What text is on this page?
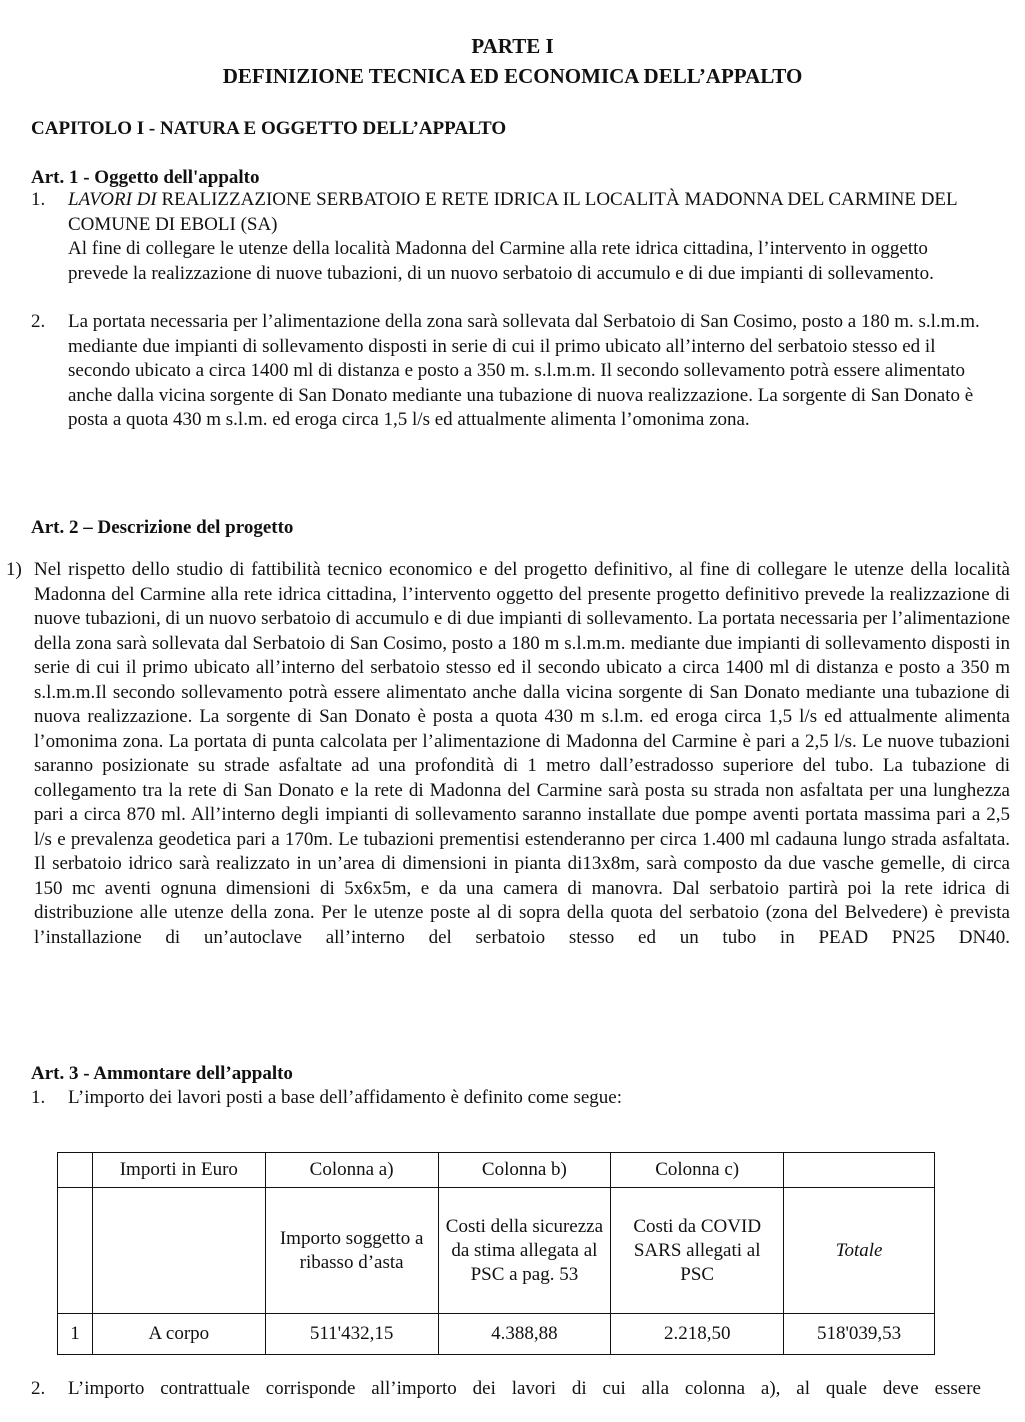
PARTE I
DEFINIZIONE TECNICA ED ECONOMICA DELL’APPALTO
CAPITOLO I - NATURA E OGGETTO DELL’APPALTO
Art. 1 - Oggetto dell'appalto
1.	LAVORI DI REALIZZAZIONE SERBATOIO E RETE IDRICA IL LOCALITÀ MADONNA DEL CARMINE DEL COMUNE DI EBOLI (SA)
Al fine di collegare le utenze della località Madonna del Carmine alla rete idrica cittadina, l’intervento in oggetto prevede la realizzazione di nuove tubazioni, di un nuovo serbatoio di accumulo e di due impianti di sollevamento.
2.	La portata necessaria per l’alimentazione della zona sarà sollevata dal Serbatoio di San Cosimo, posto a 180 m. s.l.m.m. mediante due impianti di sollevamento disposti in serie di cui il primo ubicato all’interno del serbatoio stesso ed il secondo ubicato a circa 1400 ml di distanza e posto a 350 m. s.l.m.m. Il secondo sollevamento potrà essere alimentato anche dalla vicina sorgente di San Donato mediante una tubazione di nuova realizzazione. La sorgente di San Donato è posta a quota 430 m s.l.m. ed eroga circa 1,5 l/s ed attualmente alimenta l’omonima zona.
Art. 2 – Descrizione del progetto
1) Nel rispetto dello studio di fattibilità tecnico economico e del progetto definitivo, al fine di collegare le utenze della località Madonna del Carmine alla rete idrica cittadina, l’intervento oggetto del presente progetto definitivo prevede la realizzazione di nuove tubazioni, di un nuovo serbatoio di accumulo e di due impianti di sollevamento. La portata necessaria per l’alimentazione della zona sarà sollevata dal Serbatoio di San Cosimo, posto a 180 m s.l.m.m. mediante due impianti di sollevamento disposti in serie di cui il primo ubicato all’interno del serbatoio stesso ed il secondo ubicato a circa 1400 ml di distanza e posto a 350 m s.l.m.m.Il secondo sollevamento potrà essere alimentato anche dalla vicina sorgente di San Donato mediante una tubazione di nuova realizzazione. La sorgente di San Donato è posta a quota 430 m s.l.m. ed eroga circa 1,5 l/s ed attualmente alimenta l’omonima zona. La portata di punta calcolata per l’alimentazione di Madonna del Carmine è pari a 2,5 l/s. Le nuove tubazioni saranno posizionate su strade asfaltate ad una profondità di 1 metro dall’estradosso superiore del tubo. La tubazione di collegamento tra la rete di San Donato e la rete di Madonna del Carmine sarà posta su strada non asfaltata per una lunghezza pari a circa 870 ml. All’interno degli impianti di sollevamento saranno installate due pompe aventi portata massima pari a 2,5 l/s e prevalenza geodetica pari a 170m. Le tubazioni prementisi estenderanno per circa 1.400 ml cadauna lungo strada asfaltata. Il serbatoio idrico sarà realizzato in un’area di dimensioni in pianta di13x8m, sarà composto da due vasche gemelle, di circa 150 mc aventi ognuna dimensioni di 5x6x5m, e da una camera di manovra. Dal serbatoio partirà poi la rete idrica di distribuzione alle utenze della zona. Per le utenze poste al di sopra della quota del serbatoio (zona del Belvedere) è prevista l’installazione di un’autoclave all’interno del serbatoio stesso ed un tubo in PEAD PN25 DN40.
Art. 3 - Ammontare dell’appalto
1.	L’importo dei lavori posti a base dell’affidamento è definito come segue:
	Importi in Euro	Colonna a)	Colonna b)	Colonna c)	
		Importo soggetto a ribasso d’asta	Costi della sicurezza da stima allegata al PSC a pag. 53	Costi da COVID SARS allegati al PSC	Totale
1	A corpo	511'432,15	4.388,88	2.218,50	518'039,53
2.	L’importo contrattuale corrisponde all’importo dei lavori di cui alla colonna a), al quale deve essere
